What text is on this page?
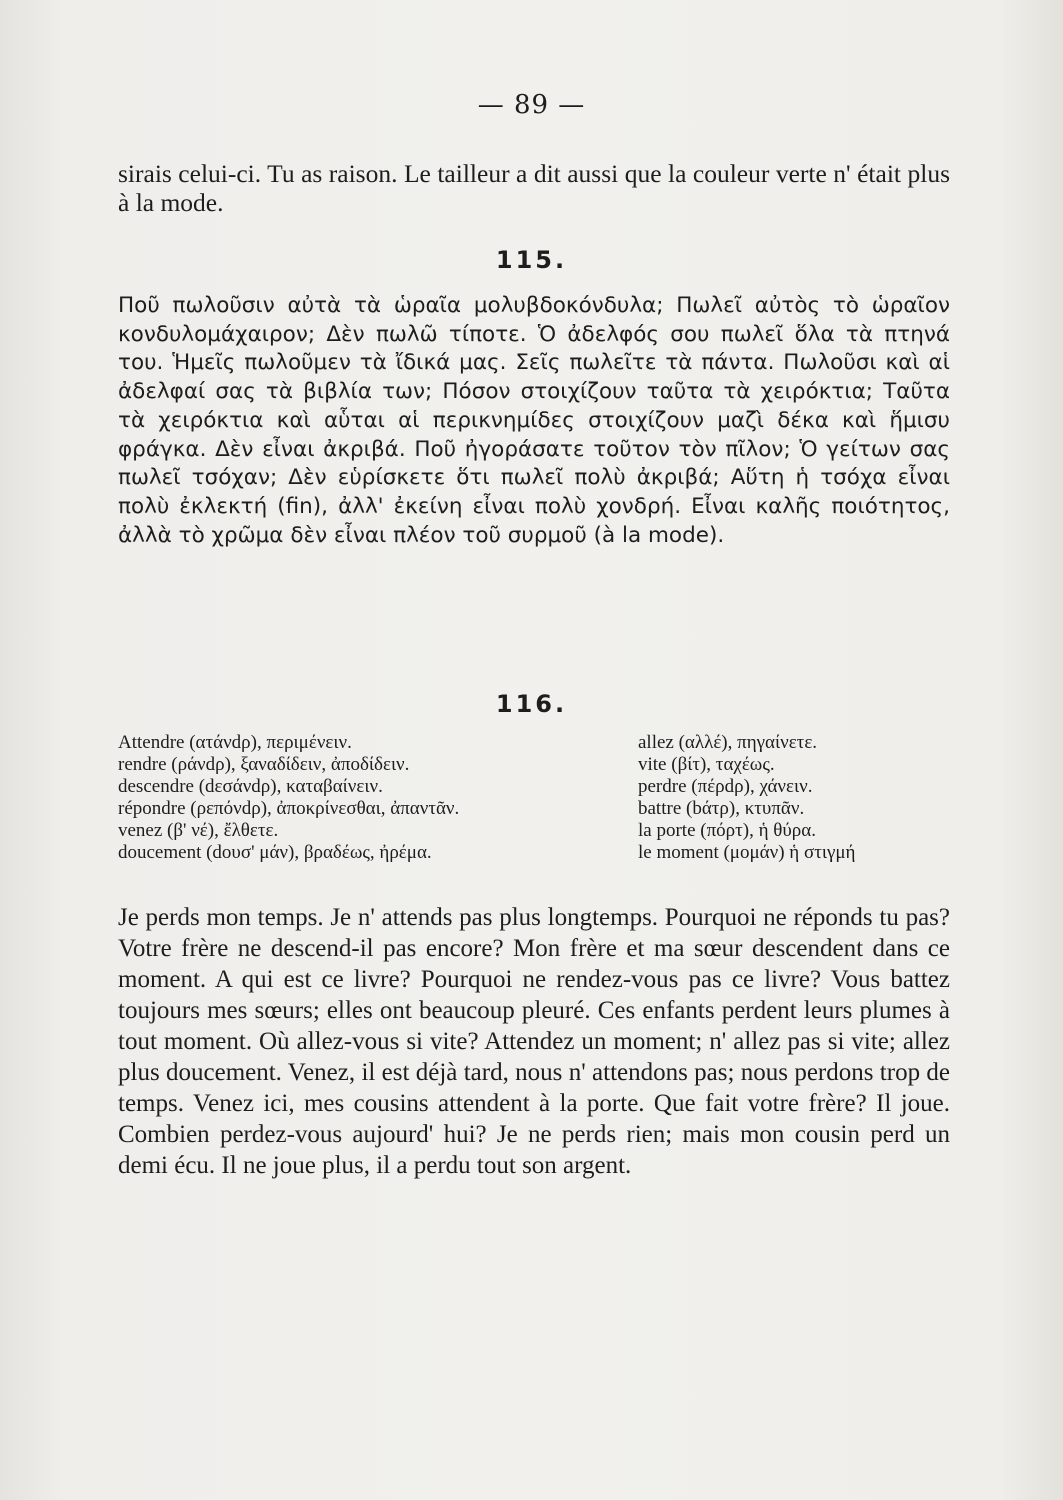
— 89 —

sirais celui-ci. Tu as raison. Le tailleur a dit aussi que la couleur verte n' était plus à la mode.

115.

Ποῦ πωλοῦσιν αὐτὰ τὰ ὡραῖα μολυβδοκόνδυλα; Πωλεῖ αὐτὸς τὸ ὡραῖον κονδυλομάχαιρον; Δὲν πωλῶ τίποτε. Ὁ ἀδελφός σου πωλεῖ ὅλα τὰ πτηνά του. Ἡμεῖς πωλοῦμεν τὰ ἴδικά μας. Σεῖς πωλεῖτε τὰ πάντα. Πωλοῦσι καὶ αἱ ἀδελφαί σας τὰ βιβλία των; Πόσον στοιχίζουν ταῦτα τὰ χειρόκτια; Ταῦτα τὰ χειρόκτια καὶ αὗται αἱ περικνημίδες στοιχίζουν μαζὶ δέκα καὶ ἥμισυ φράγκα. Δὲν εἶναι ἀκριβά. Ποῦ ἠγοράσατε τοῦτον τὸν πῖλον; Ὁ γείτων σας πωλεῖ τσόχαν; Δὲν εὑρίσκετε ὅτι πωλεῖ πολὺ ἀκριβά; Αὕτη ἡ τσόχα εἶναι πολὺ ἐκλεκτή (fin), ἀλλ' ἐκείνη εἶναι πολὺ χονδρή. Εἶναι καλῆς ποιότητος, ἀλλὰ τὸ χρῶμα δὲν εἶναι πλέον τοῦ συρμοῦ (à la mode).

116.
Attendre (ατάνdρ), περιμένειν.
rendre (ράνdρ), ξαναδίδειν, ἀποδίδειν.
descendre (dεσάνdρ), καταβαίνειν.
répondre (ρεπόνdρ), ἀποκρίνεσθαι, ἀπαντᾶν.
venez (β' νέ), ἔλθετε.
doucement (dουσ' μάν), βραδέως, ἠρέμα.
allez (αλλέ), πηγαίνετε.
vite (βίτ), ταχέως.
perdre (πέρdρ), χάνειν.
battre (bάτρ), κτυπᾶν.
la porte (πόρτ), ἡ θύρα.
le moment (μομάν) ἡ στιγμή

Je perds mon temps. Je n' attends pas plus longtemps. Pourquoi ne réponds tu pas? Votre frère ne descend-il pas encore? Mon frère et ma sœur descendent dans ce moment. A qui est ce livre? Pourquoi ne rendez-vous pas ce livre? Vous battez toujours mes sœurs; elles ont beaucoup pleuré. Ces enfants perdent leurs plumes à tout moment. Où allez-vous si vite? Attendez un moment; n' allez pas si vite; allez plus doucement. Venez, il est déjà tard, nous n' attendons pas; nous perdons trop de temps. Venez ici, mes cousins attendent à la porte. Que fait votre frère? Il joue. Combien perdez-vous aujourd' hui? Je ne perds rien; mais mon cousin perd un demi écu. Il ne joue plus, il a perdu tout son argent.
